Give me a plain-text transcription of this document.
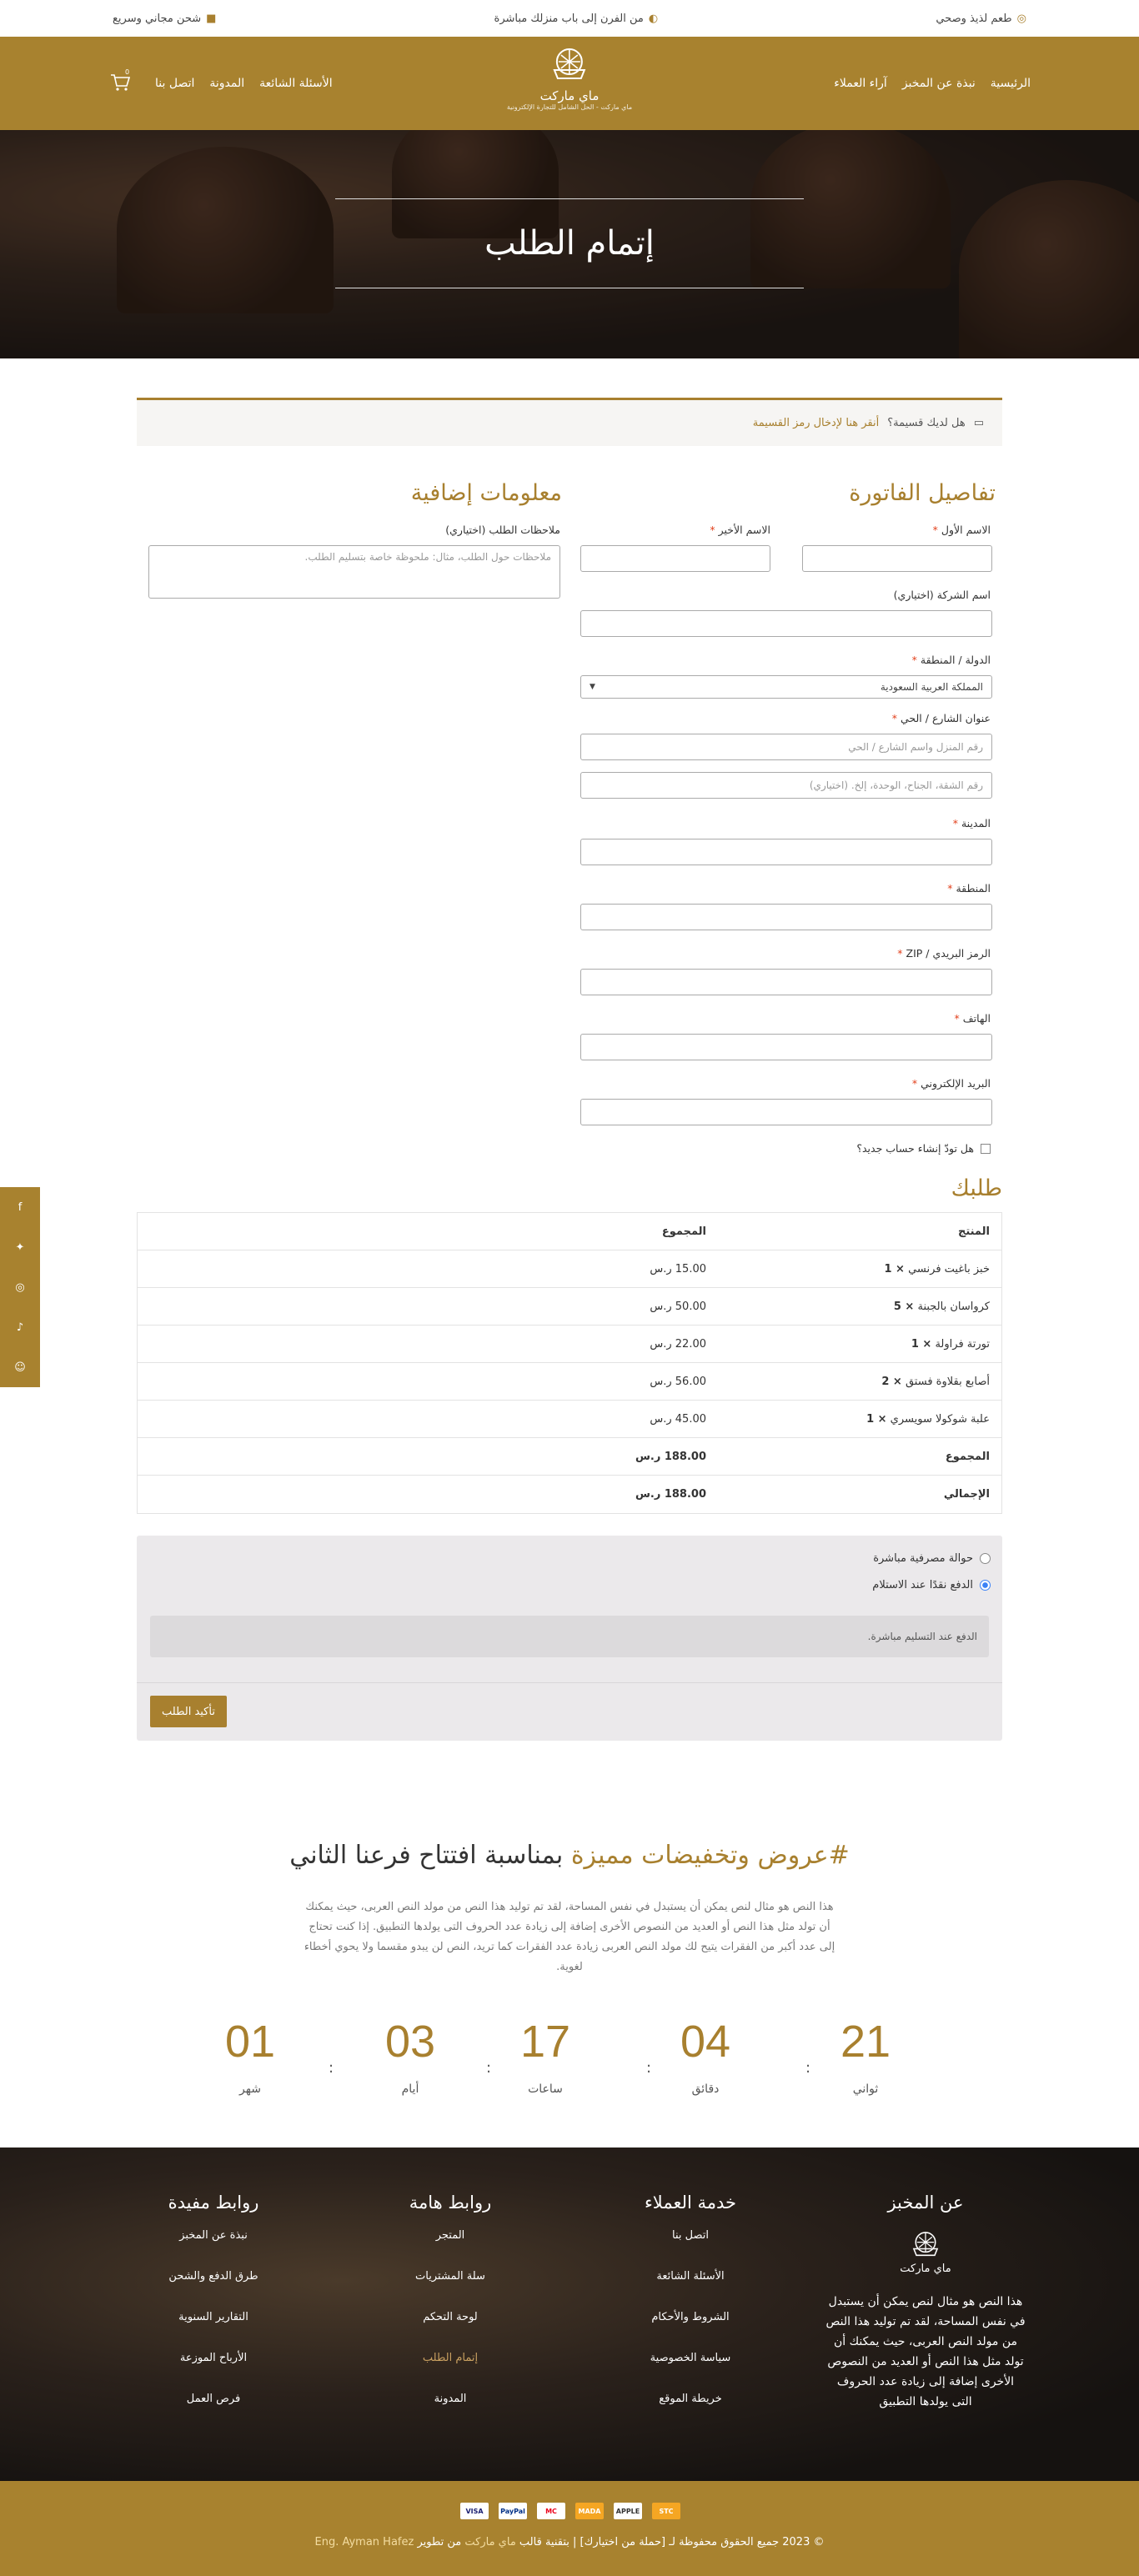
◎
طعم لذيذ وصحي
◐
من الفرن إلى باب منزلك مباشرة
■
شحن مجاني وسريع
الرئيسية
نبذة عن المخبز
آراء العملاء
ماي ماركت
ماي ماركت - الحل الشامل للتجارة الإلكترونية
الأسئلة الشائعة
المدونة
اتصل بنا
0
إتمام الطلب
▭
هل لديك قسيمة؟
أنقر هنا لإدخال رمز القسيمة
تفاصيل الفاتورة
معلومات إضافية
الاسم الأول *
الاسم الأخير *
اسم الشركة (اختياري)
الدولة / المنطقة *
المملكة العربية السعودية
▼
عنوان الشارع / الحي *
رقم المنزل واسم الشارع / الحي
رقم الشقة، الجناح، الوحدة، إلخ. (اختياري)
المدينة *
المنطقة *
الرمز البريدي / ZIP *
الهاتف *
البريد الإلكتروني *
هل تودّ إنشاء حساب جديد؟
ملاحظات الطلب (اختياري)
ملاحظات حول الطلب، مثال: ملحوظة خاصة بتسليم الطلب.
طلبك
المنتج
المجموع
خبز باغيت فرنسي × 1
15.00 ر.س
كرواسان بالجبنة × 5
50.00 ر.س
تورتة فراولة × 1
22.00 ر.س
أصابع بقلاوة فستق × 2
56.00 ر.س
علبة شوكولا سويسري × 1
45.00 ر.س
المجموع
188.00 ر.س
الإجمالي
188.00 ر.س
حوالة مصرفية مباشرة
الدفع نقدًا عند الاستلام
الدفع عند التسليم مباشرة.
تأكيد الطلب
#عروض وتخفيضات مميزة بمناسبة افتتاح فرعنا الثاني
هذا النص هو مثال لنص يمكن أن يستبدل في نفس المساحة، لقد تم توليد هذا النص من مولد النص العربى، حيث يمكنك أن تولد مثل هذا النص أو العديد من النصوص الأخرى إضافة إلى زيادة عدد الحروف التى يولدها التطبيق. إذا كنت تحتاج إلى عدد أكبر من الفقرات يتيح لك مولد النص العربى زيادة عدد الفقرات كما تريد، النص لن يبدو مقسما ولا يحوي أخطاء لغوية.
21
ثواني
:
04
دقائق
:
17
ساعات
:
03
أيام
:
01
شهر
عن المخبز
ماي ماركت
هذا النص هو مثال لنص يمكن أن يستبدل في نفس المساحة، لقد تم توليد هذا النص من مولد النص العربى، حيث يمكنك أن تولد مثل هذا النص أو العديد من النصوص الأخرى إضافة إلى زيادة عدد الحروف التى يولدها التطبيق
خدمة العملاء
اتصل بنا
الأسئلة الشائعة
الشروط والأحكام
سياسة الخصوصية
خريطة الموقع
روابط هامة
المتجر
سلة المشتريات
لوحة التحكم
إتمام الطلب
المدونة
روابط مفيدة
نبذة عن المخبز
طرق الدفع والشحن
التقارير السنوية
الأرباح الموزعة
فرص العمل
STC
APPLE
MADA
MC
PayPal
VISA
© 2023 جميع الحقوق محفوظة لـ [حملة من اختيارك] | بتقنية قالب ماي ماركت من تطوير Eng. Ayman Hafez
f
✦
◎
♪
☺
